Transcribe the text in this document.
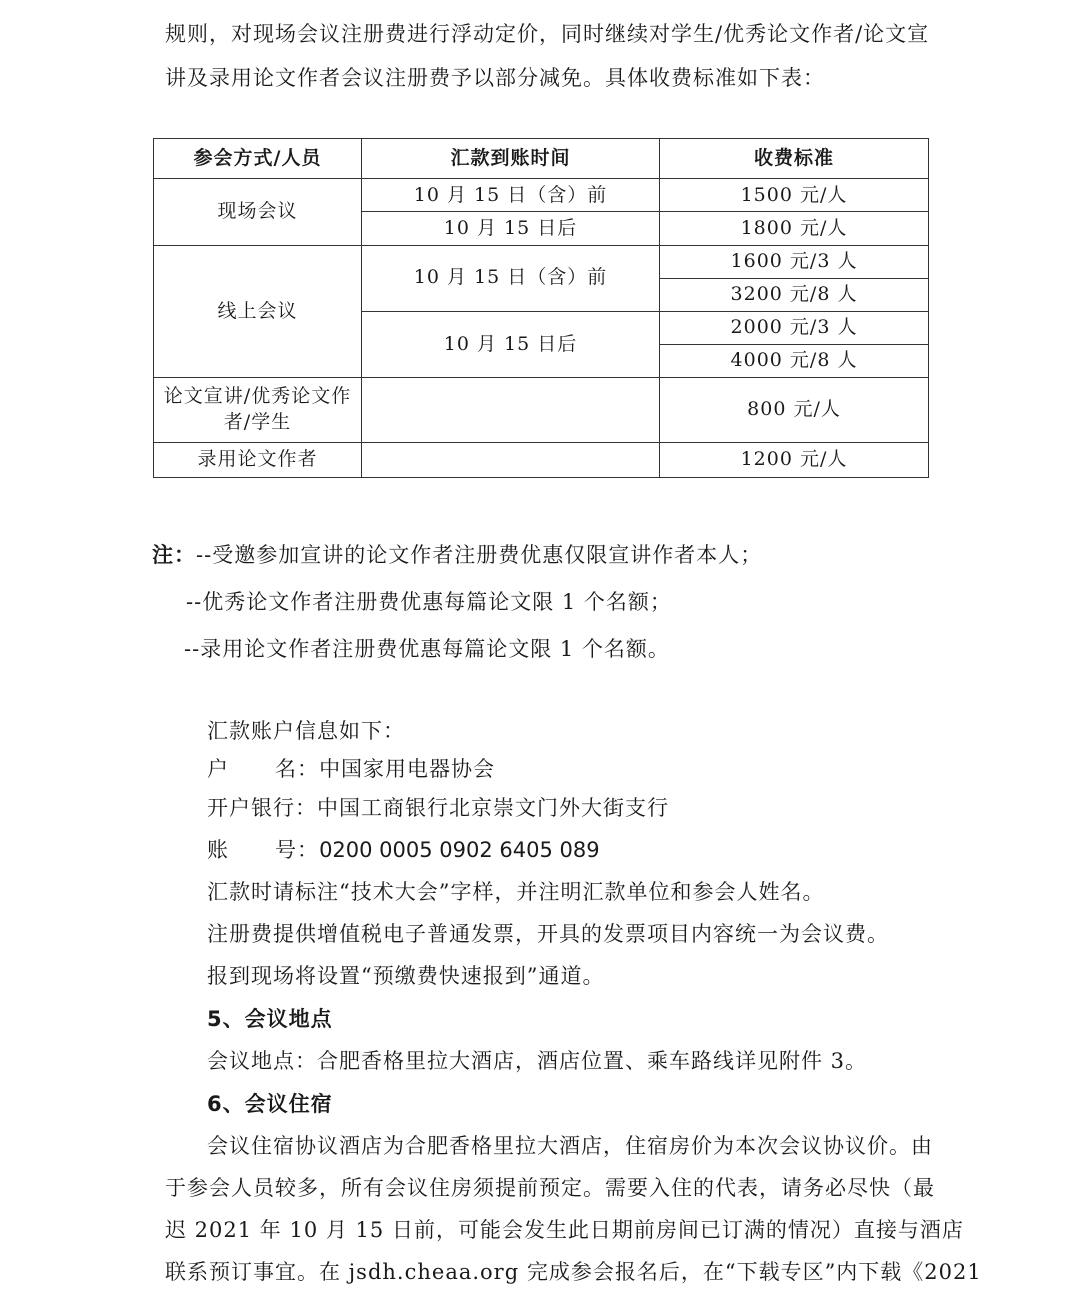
规则，对现场会议注册费进行浮动定价，同时继续对学生/优秀论文作者/论文宣
讲及录用论文作者会议注册费予以部分减免。具体收费标准如下表：
参会方式/人员	汇款到账时间	收费标准
现场会议	10 月 15 日（含）前	1500 元/人
	10 月 15 日后	1800 元/人
线上会议	10 月 15 日（含）前	1600 元/3 人
		3200 元/8 人
	10 月 15 日后	2000 元/3 人
		4000 元/8 人
论文宣讲/优秀论文作者/学生		800 元/人
录用论文作者		1200 元/人
注：--受邀参加宣讲的论文作者注册费优惠仅限宣讲作者本人；
--优秀论文作者注册费优惠每篇论文限 1 个名额；
--录用论文作者注册费优惠每篇论文限 1 个名额。
汇款账户信息如下：
户      名：中国家用电器协会
开户银行：中国工商银行北京崇文门外大街支行
账      号：0200 0005 0902 6405 089
汇款时请标注“技术大会”字样，并注明汇款单位和参会人姓名。
注册费提供增值税电子普通发票，开具的发票项目内容统一为会议费。
报到现场将设置“预缴费快速报到”通道。
5、会议地点
会议地点：合肥香格里拉大酒店，酒店位置、乘车路线详见附件 3。
6、会议住宿
会议住宿协议酒店为合肥香格里拉大酒店，住宿房价为本次会议协议价。由
于参会人员较多，所有会议住房须提前预定。需要入住的代表，请务必尽快（最
迟 2021 年 10 月 15 日前，可能会发生此日期前房间已订满的情况）直接与酒店
联系预订事宜。在 jsdh.cheaa.org 完成参会报名后，在“下载专区”内下载《2021
